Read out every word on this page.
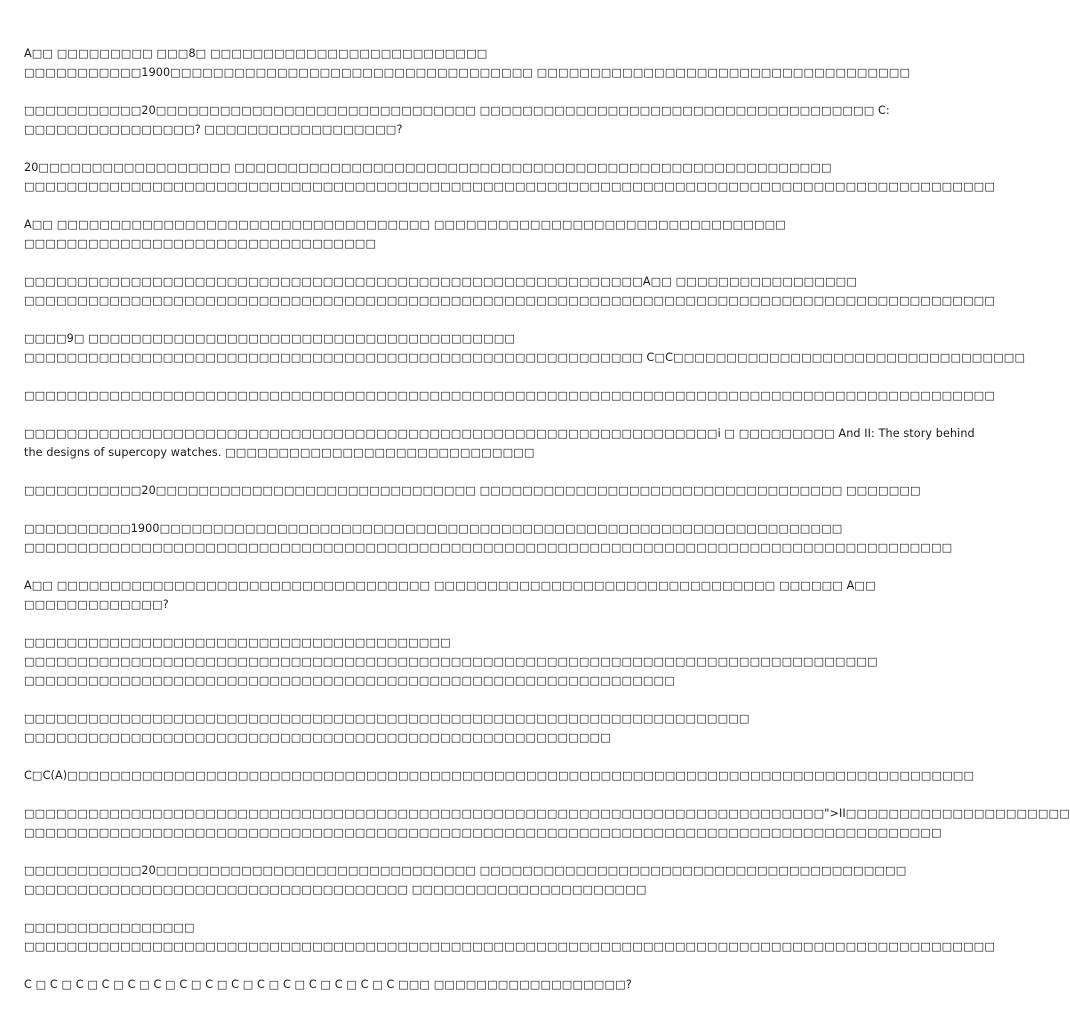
A□□ □□□□□□□□□ □□□8□ □□□□□□□□□□□□□□□□□□□□□□□□□□
□□□□□□□□□□□1900□□□□□□□□□□□□□□□□□□□□□□□□□□□□□□□□□□ □□□□□□□□□□□□□□□□□□□□□□□□□□□□□□□□□□□
□□□□□□□□□□□20□□□□□□□□□□□□□□□□□□□□□□□□□□□□□□ □□□□□□□□□□□□□□□□□□□□□□□□□□□□□□□□□□□□□ C:
□□□□□□□□□□□□□□□□? □□□□□□□□□□□□□□□□□□?
20□□□□□□□□□□□□□□□□□□ □□□□□□□□□□□□□□□□□□□□□□□□□□□□□□□□□□□□□□□□□□□□□□□□□□□□□□□□
□□□□□□□□□□□□□□□□□□□□□□□□□□□□□□□□□□□□□□□□□□□□□□□□□□□□□□□□□□□□□□□□□□□□□□□□□□□□□□□□□□□□□□□□□□□
A□□ □□□□□□□□□□□□□□□□□□□□□□□□□□□□□□□□□□□ □□□□□□□□□□□□□□□□□□□□□□□□□□□□□□□□□
□□□□□□□□□□□□□□□□□□□□□□□□□□□□□□□□□
□□□□□□□□□□□□□□□□□□□□□□□□□□□□□□□□□□□□□□□□□□□□□□□□□□□□□□□□□□A□□ □□□□□□□□□□□□□□□□□
□□□□□□□□□□□□□□□□□□□□□□□□□□□□□□□□□□□□□□□□□□□□□□□□□□□□□□□□□□□□□□□□□□□□□□□□□□□□□□□□□□□□□□□□□□□
□□□□9□ □□□□□□□□□□□□□□□□□□□□□□□□□□□□□□□□□□□□□□□□
□□□□□□□□□□□□□□□□□□□□□□□□□□□□□□□□□□□□□□□□□□□□□□□□□□□□□□□□□□ C□C□□□□□□□□□□□□□□□□□□□□□□□□□□□□□□□□□
□□□□□□□□□□□□□□□□□□□□□□□□□□□□□□□□□□□□□□□□□□□□□□□□□□□□□□□□□□□□□□□□□□□□□□□□□□□□□□□□□□□□□□□□□□□
□□□□□□□□□□□□□□□□□□□□□□□□□□□□□□□□□□□□□□□□□□□□□□□□□□□□□□□□□□□□□□□□□i □ □□□□□□□□□ And II: The story behind
the designs of supercopy watches. □□□□□□□□□□□□□□□□□□□□□□□□□□□□□
□□□□□□□□□□□20□□□□□□□□□□□□□□□□□□□□□□□□□□□□□□ □□□□□□□□□□□□□□□□□□□□□□□□□□□□□□□□□□ □□□□□□□
□□□□□□□□□□1900□□□□□□□□□□□□□□□□□□□□□□□□□□□□□□□□□□□□□□□□□□□□□□□□□□□□□□□□□□□□□□□□
□□□□□□□□□□□□□□□□□□□□□□□□□□□□□□□□□□□□□□□□□□□□□□□□□□□□□□□□□□□□□□□□□□□□□□□□□□□□□□□□□□□□□□□
A□□ □□□□□□□□□□□□□□□□□□□□□□□□□□□□□□□□□□□ □□□□□□□□□□□□□□□□□□□□□□□□□□□□□□□□ □□□□□□ A□□
□□□□□□□□□□□□□?
□□□□□□□□□□□□□□□□□□□□□□□□□□□□□□□□□□□□□□□□
□□□□□□□□□□□□□□□□□□□□□□□□□□□□□□□□□□□□□□□□□□□□□□□□□□□□□□□□□□□□□□□□□□□□□□□□□□□□□□□□
□□□□□□□□□□□□□□□□□□□□□□□□□□□□□□□□□□□□□□□□□□□□□□□□□□□□□□□□□□□□□
□□□□□□□□□□□□□□□□□□□□□□□□□□□□□□□□□□□□□□□□□□□□□□□□□□□□□□□□□□□□□□□□□□□□
□□□□□□□□□□□□□□□□□□□□□□□□□□□□□□□□□□□□□□□□□□□□□□□□□□□□□□□
C□C(A)□□□□□□□□□□□□□□□□□□□□□□□□□□□□□□□□□□□□□□□□□□□□□□□□□□□□□□□□□□□□□□□□□□□□□□□□□□□□□□□□□□□□□
□□□□□□□□□□□□□□□□□□□□□□□□□□□□□□□□□□□□□□□□□□□□□□□□□□□□□□□□□□□□□□□□□□□□□□□□□□□">II□□□□□□□□□□□□□□□□□□□□□
□□□□□□□□□□□□□□□□□□□□□□□□□□□□□□□□□□□□□□□□□□□□□□□□□□□□□□□□□□□□□□□□□□□□□□□□□□□□□□□□□□□□□□
□□□□□□□□□□□20□□□□□□□□□□□□□□□□□□□□□□□□□□□□□□ □□□□□□□□□□□□□□□□□□□□□□□□□□□□□□□□□□□□□□□□
□□□□□□□□□□□□□□□□□□□□□□□□□□□□□□□□□□□□ □□□□□□□□□□□□□□□□□□□□□□
□□□□□□□□□□□□□□□□
□□□□□□□□□□□□□□□□□□□□□□□□□□□□□□□□□□□□□□□□□□□□□□□□□□□□□□□□□□□□□□□□□□□□□□□□□□□□□□□□□□□□□□□□□□□
C □ C □ C □ C □ C □ C □ C □ C □ C □ C □ C □ C □ C □ C □ C □□□ □□□□□□□□□□□□□□□□□□?
